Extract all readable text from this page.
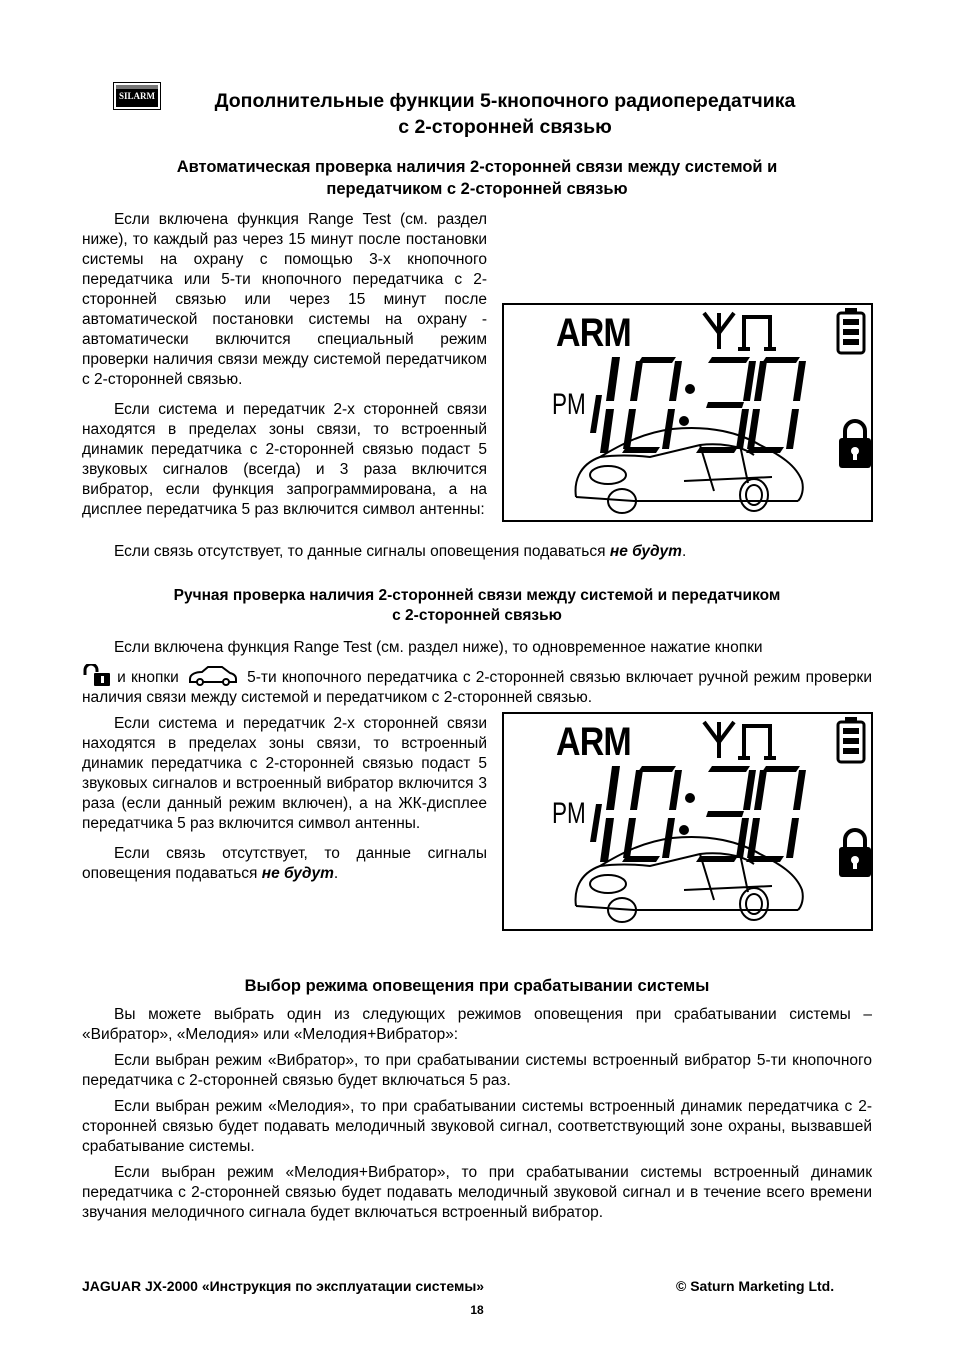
SILARM	Дополнительные функции 5-кнопочного радиопередатчика
с 2-сторонней связью
Автоматическая проверка наличия 2-сторонней связи между системой и
передатчиком с 2-сторонней связью
ARM
PM
Если включена функция Range Test (см. раздел ниже), то каждый раз через 15 минут после постановки системы на охрану с помощью 3-х кнопочного передатчика или 5-ти кнопочного передатчика с 2-сторонней связью или через 15 минут после автоматической постановки системы на охрану - автоматически включится специальный режим проверки наличия связи между системой передатчиком с 2-сторонней связью.
Если система и передатчик 2-х сторонней связи находятся в пределах зоны связи, то встроенный динамик передатчика с 2-сторонней связью подаст 5 звуковых сигналов (всегда) и 3 раза включится вибратор, если функция запрограммирована, а на дисплее передатчика 5 раз включится символ антенны:
Если связь отсутствует, то данные сигналы оповещения подаваться не будут.
Ручная проверка наличия 2-сторонней связи между системой и передатчиком
с 2-сторонней связью
Если включена функция Range Test (см. раздел ниже), то одновременное нажатие кнопки
и кнопки	5-ти кнопочного передатчика с 2-сторонней связью включает ручной режим проверки наличия связи между системой и передатчиком с 2-сторонней связью.
Если система и передатчик 2-х сторонней связи находятся в пределах зоны связи, то встроенный динамик передатчика с 2-сторонней связью подаст 5 звуковых сигналов и встроенный вибратор включится 3 раза (если данный режим включен), а на ЖК-дисплее передатчика 5 раз включится символ антенны.
Если связь отсутствует, то данные сигналы оповещения подаваться не будут.
ARM
PM
Выбор режима оповещения при срабатывании системы
Вы можете выбрать один из следующих режимов оповещения при срабатывании системы – «Вибратор», «Мелодия» или «Мелодия+Вибратор»:
Если выбран режим «Вибратор», то при срабатывании системы встроенный вибратор 5-ти кнопочного передатчика с 2-сторонней связью будет включаться 5 раз.
Если выбран режим «Мелодия», то при срабатывании системы встроенный динамик передатчика с 2-сторонней связью будет подавать мелодичный звуковой сигнал, соответствующий зоне охраны, вызвавшей срабатывание системы.
Если выбран режим «Мелодия+Вибратор», то при срабатывании системы встроенный динамик передатчика с 2-сторонней связью будет подавать мелодичный звуковой сигнал и в течение всего времени звучания мелодичного сигнала будет включаться встроенный вибратор.
JAGUAR JX-2000 «Инструкция по эксплуатации системы»	© Saturn Marketing Ltd.
18
